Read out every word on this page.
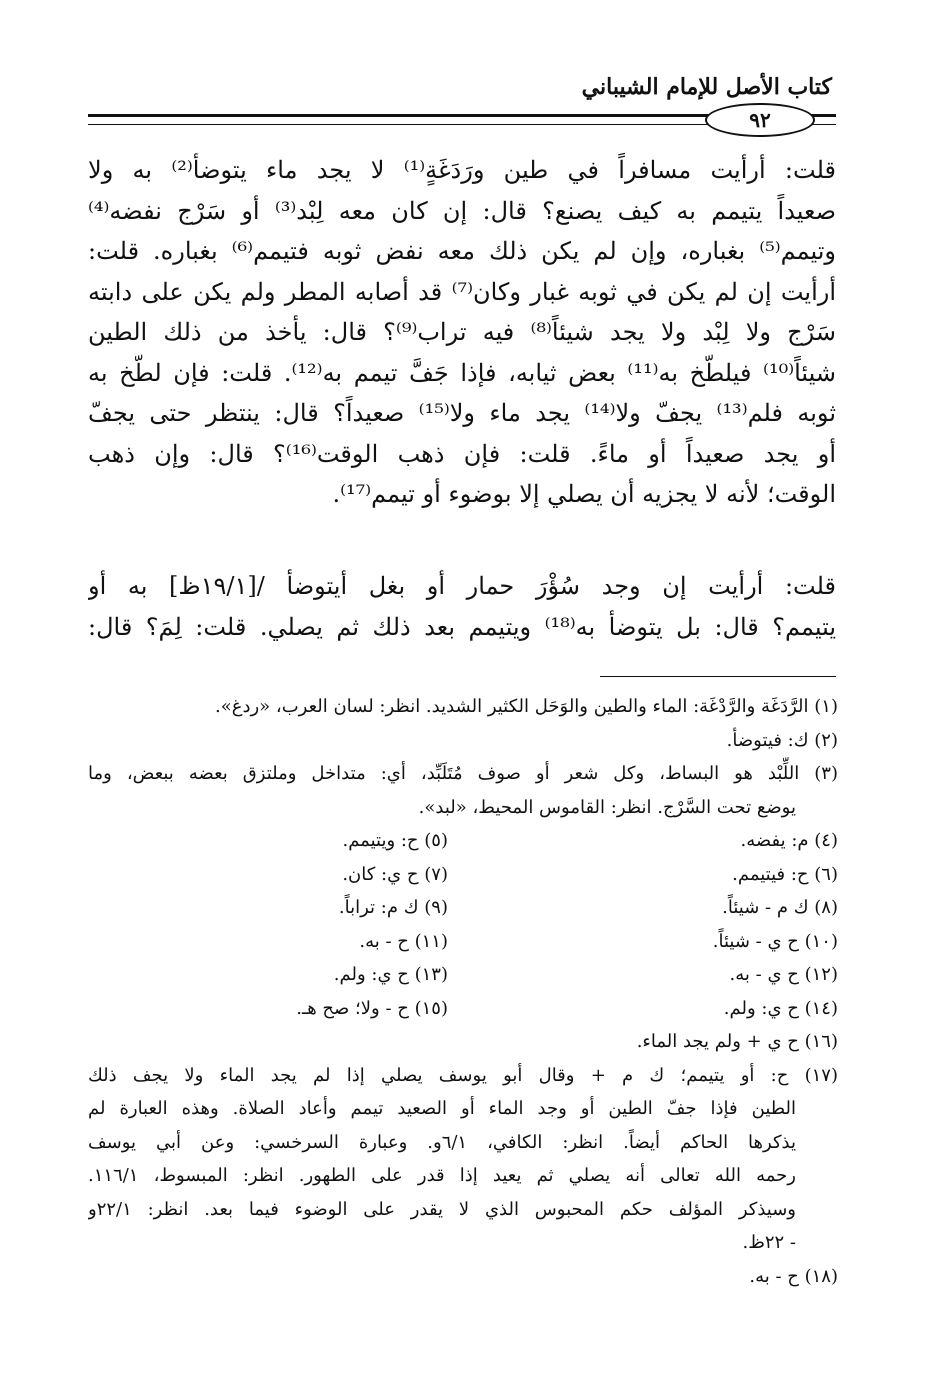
كتاب الأصل للإمام الشيباني
٩٢
قلت: أرأيت مسافراً في طين ورَدَغَةٍ⁽¹⁾ لا يجد ماء يتوضأ⁽²⁾ به ولا
صعيداً يتيمم به كيف يصنع؟ قال: إن كان معه لِبْد⁽³⁾ أو سَرْج نفضه⁽⁴⁾
وتيمم⁽⁵⁾ بغباره، وإن لم يكن ذلك معه نفض ثوبه فتيمم⁽⁶⁾ بغباره. قلت:
أرأيت إن لم يكن في ثوبه غبار وكان⁽⁷⁾ قد أصابه المطر ولم يكن على دابته
سَرْج ولا لِبْد ولا يجد شيئاً⁽⁸⁾ فيه تراب⁽⁹⁾؟ قال: يأخذ من ذلك الطين
شيئاً⁽¹⁰⁾ فيلطّخ به⁽¹¹⁾ بعض ثيابه، فإذا جَفَّ تيمم به⁽¹²⁾. قلت: فإن لطّخ به
ثوبه فلم⁽¹³⁾ يجفّ ولا⁽¹⁴⁾ يجد ماء ولا⁽¹⁵⁾ صعيداً؟ قال: ينتظر حتى يجفّ
أو يجد صعيداً أو ماءً. قلت: فإن ذهب الوقت⁽¹⁶⁾؟ قال: وإن ذهب
الوقت؛ لأنه لا يجزيه أن يصلي إلا بوضوء أو تيمم⁽¹⁷⁾.
قلت: أرأيت إن وجد سُؤْرَ حمار أو بغل أيتوضأ /[١٩/١ظ] به أو
يتيمم؟ قال: بل يتوضأ به⁽¹⁸⁾ ويتيمم بعد ذلك ثم يصلي. قلت: لِمَ؟ قال:
(١) الرَّدَغَة والرَّدْغَة: الماء والطين والوَحَل الكثير الشديد. انظر: لسان العرب، «ردغ».
(٢) ك: فيتوضأ.
(٣) اللِّبْد هو البساط، وكل شعر أو صوف مُتَلَبِّد، أي: متداخل وملتزق بعضه ببعض، وما
يوضع تحت السَّرْج. انظر: القاموس المحيط، «لبد».
(٤) م: يفضه.
(٥) ح: ويتيمم.
(٦) ح: فيتيمم.
(٧) ح ي: كان.
(٨) ك م - شيئاً.
(٩) ك م: تراباً.
(١٠) ح ي - شيئاً.
(١١) ح - به.
(١٢) ح ي - به.
(١٣) ح ي: ولم.
(١٤) ح ي: ولم.
(١٥) ح - ولا؛ صح هـ.
(١٦) ح ي + ولم يجد الماء.
(١٧) ح: أو يتيمم؛ ك م + وقال أبو يوسف يصلي إذا لم يجد الماء ولا يجف ذلك
الطين فإذا جفّ الطين أو وجد الماء أو الصعيد تيمم وأعاد الصلاة. وهذه العبارة لم
يذكرها الحاكم أيضاً. انظر: الكافي، ٦/١و. وعبارة السرخسي: وعن أبي يوسف
رحمه الله تعالى أنه يصلي ثم يعيد إذا قدر على الطهور. انظر: المبسوط، ١١٦/١.
وسيذكر المؤلف حكم المحبوس الذي لا يقدر على الوضوء فيما بعد. انظر: ٢٢/١و
- ٢٢ظ.
(١٨) ح - به.
